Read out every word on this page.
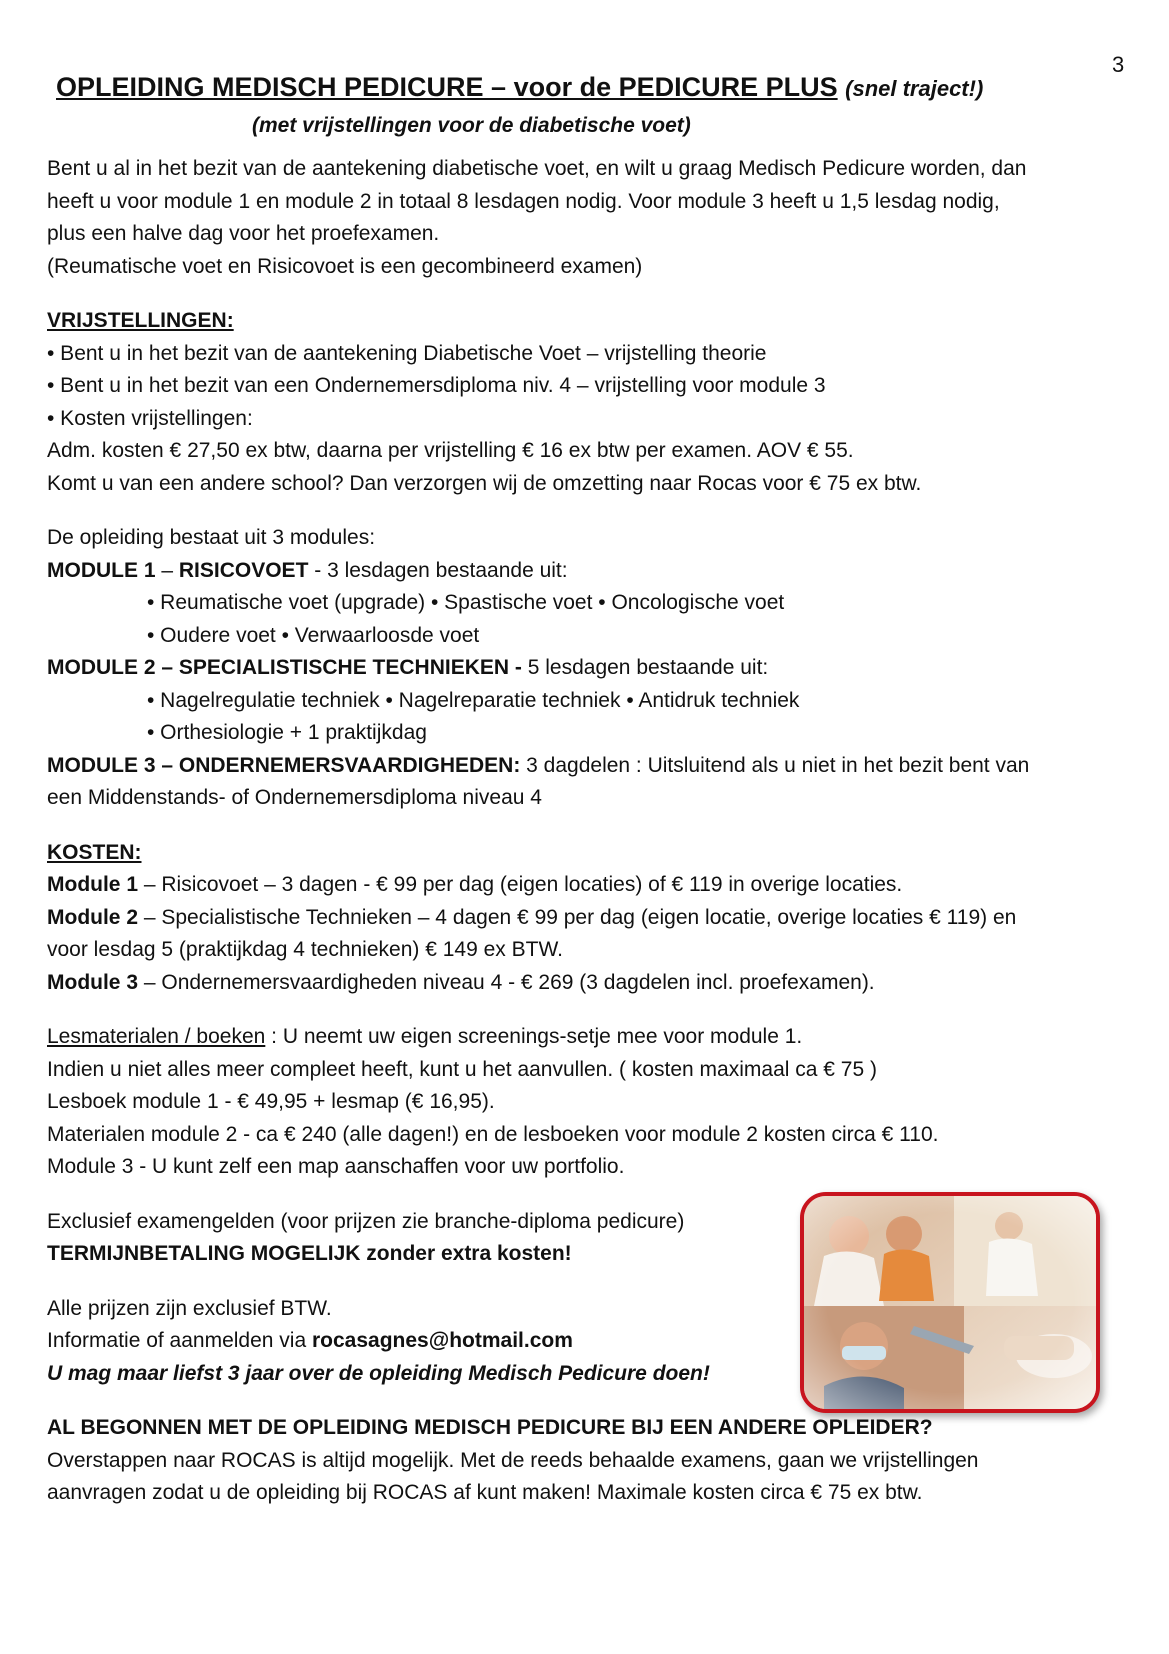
3
OPLEIDING MEDISCH PEDICURE – voor de PEDICURE PLUS (snel traject!)
(met vrijstellingen voor de diabetische voet)
Bent u al in het bezit van de aantekening diabetische voet, en wilt u graag Medisch Pedicure worden, dan
heeft u voor module 1 en module 2 in totaal 8 lesdagen nodig. Voor module 3 heeft u 1,5 lesdag nodig,
plus een halve dag voor het proefexamen.
(Reumatische voet en Risicovoet is een gecombineerd examen)
VRIJSTELLINGEN:
• Bent u in het bezit van de aantekening Diabetische Voet – vrijstelling theorie
• Bent u in het bezit van een Ondernemersdiploma niv. 4 – vrijstelling voor module 3
• Kosten vrijstellingen:
Adm. kosten € 27,50 ex btw, daarna per vrijstelling € 16 ex btw per examen. AOV € 55.
Komt u van een andere school? Dan verzorgen wij de omzetting naar Rocas voor € 75 ex btw.
De opleiding bestaat uit 3 modules:
MODULE 1 – RISICOVOET - 3 lesdagen bestaande uit:
• Reumatische voet (upgrade) • Spastische voet • Oncologische voet
• Oudere voet • Verwaarloosde voet
MODULE 2 – SPECIALISTISCHE TECHNIEKEN - 5 lesdagen bestaande uit:
• Nagelregulatie techniek • Nagelreparatie techniek • Antidruk techniek
• Orthesiologie + 1 praktijkdag
MODULE 3 – ONDERNEMERSVAARDIGHEDEN: 3 dagdelen : Uitsluitend als u niet in het bezit bent van
een Middenstands- of Ondernemersdiploma niveau 4
KOSTEN:
Module 1 – Risicovoet – 3 dagen - € 99 per dag (eigen locaties) of € 119 in overige locaties.
Module 2 – Specialistische Technieken – 4 dagen € 99 per dag (eigen locatie, overige locaties € 119) en
voor lesdag 5 (praktijkdag 4 technieken) € 149 ex BTW.
Module 3 – Ondernemersvaardigheden niveau 4 - € 269 (3 dagdelen incl. proefexamen).
Lesmaterialen / boeken : U neemt uw eigen screenings-setje mee voor module 1.
Indien u niet alles meer compleet heeft, kunt u het aanvullen. ( kosten maximaal ca € 75 )
Lesboek module 1 - € 49,95 + lesmap (€ 16,95).
Materialen module 2 - ca € 240 (alle dagen!) en de lesboeken voor module 2 kosten circa € 110.
Module 3 - U kunt zelf een map aanschaffen voor uw portfolio.
Exclusief examengelden (voor prijzen zie branche-diploma pedicure)
TERMIJNBETALING MOGELIJK zonder extra kosten!
Alle prijzen zijn exclusief BTW.
Informatie of aanmelden via rocasagnes@hotmail.com
U mag maar liefst 3 jaar over de opleiding Medisch Pedicure doen!
AL BEGONNEN MET DE OPLEIDING MEDISCH PEDICURE BIJ EEN ANDERE OPLEIDER?
Overstappen naar ROCAS is altijd mogelijk. Met de reeds behaalde examens, gaan we vrijstellingen
aanvragen zodat u de opleiding bij ROCAS af kunt maken! Maximale kosten circa € 75 ex btw.
